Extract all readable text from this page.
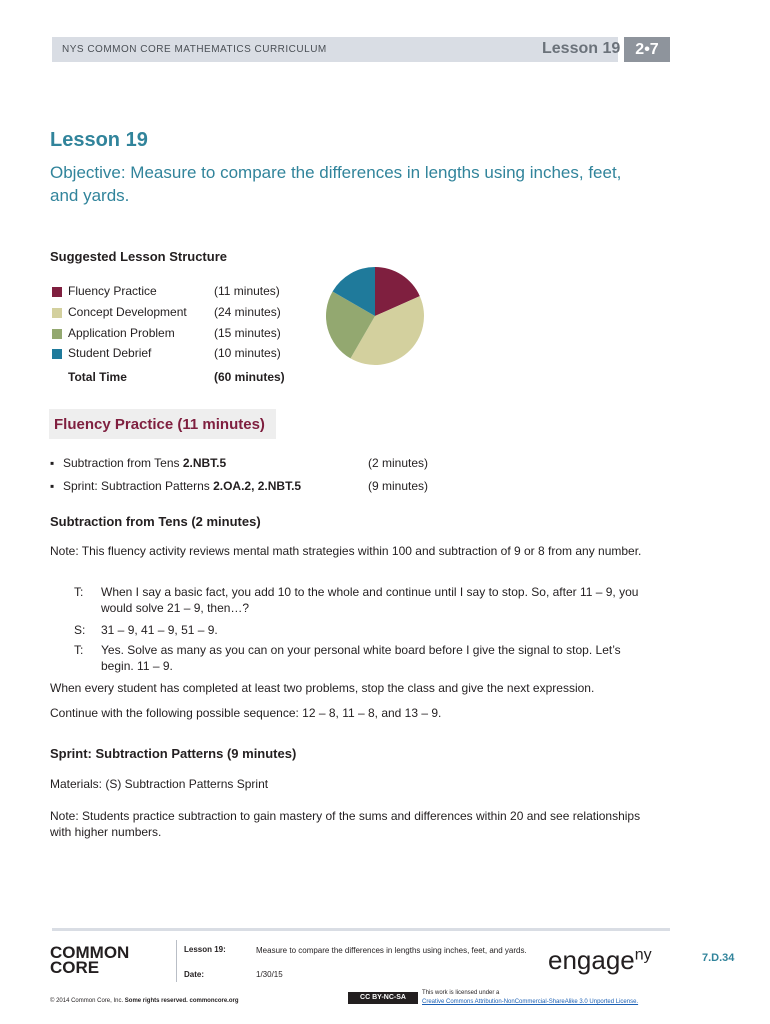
NYS COMMON CORE MATHEMATICS CURRICULUM	Lesson 19 2•7
Lesson 19
Objective: Measure to compare the differences in lengths using inches, feet, and yards.
Suggested Lesson Structure
Fluency Practice	(11 minutes)
Concept Development (24 minutes)
Application Problem	(15 minutes)
Student Debrief	(10 minutes)
Total Time	(60 minutes)
Fluency Practice (11 minutes)
▪ Subtraction from Tens 2.NBT.5	(2 minutes)
▪ Sprint: Subtraction Patterns 2.OA.2, 2.NBT.5	(9 minutes)
Subtraction from Tens (2 minutes)
Note: This fluency activity reviews mental math strategies within 100 and subtraction of 9 or 8 from any number.
T: When I say a basic fact, you add 10 to the whole and continue until I say to stop. So, after 11 – 9, you would solve 21 – 9, then…?
S: 31 – 9, 41 – 9, 51 – 9.
T: Yes. Solve as many as you can on your personal white board before I give the signal to stop. Let’s begin. 11 – 9.
When every student has completed at least two problems, stop the class and give the next expression.
Continue with the following possible sequence: 12 – 8, 11 – 8, and 13 – 9.
Sprint: Subtraction Patterns (9 minutes)
Materials: (S) Subtraction Patterns Sprint
Note: Students practice subtraction to gain mastery of the sums and differences within 20 and see relationships with higher numbers.
COMMON
CORE
Lesson 19:	Measure to compare the differences in lengths using inches, feet, and yards.
Date:	1/30/15	engage$^{ny}$	7.D.34
© 2014 Common Core, Inc. Some rights reserved. commoncore.org	CC BY-NC-SA
This work is licensed under a
Creative Commons Attribution-NonCommercial-ShareAlike 3.0 Unported License.
